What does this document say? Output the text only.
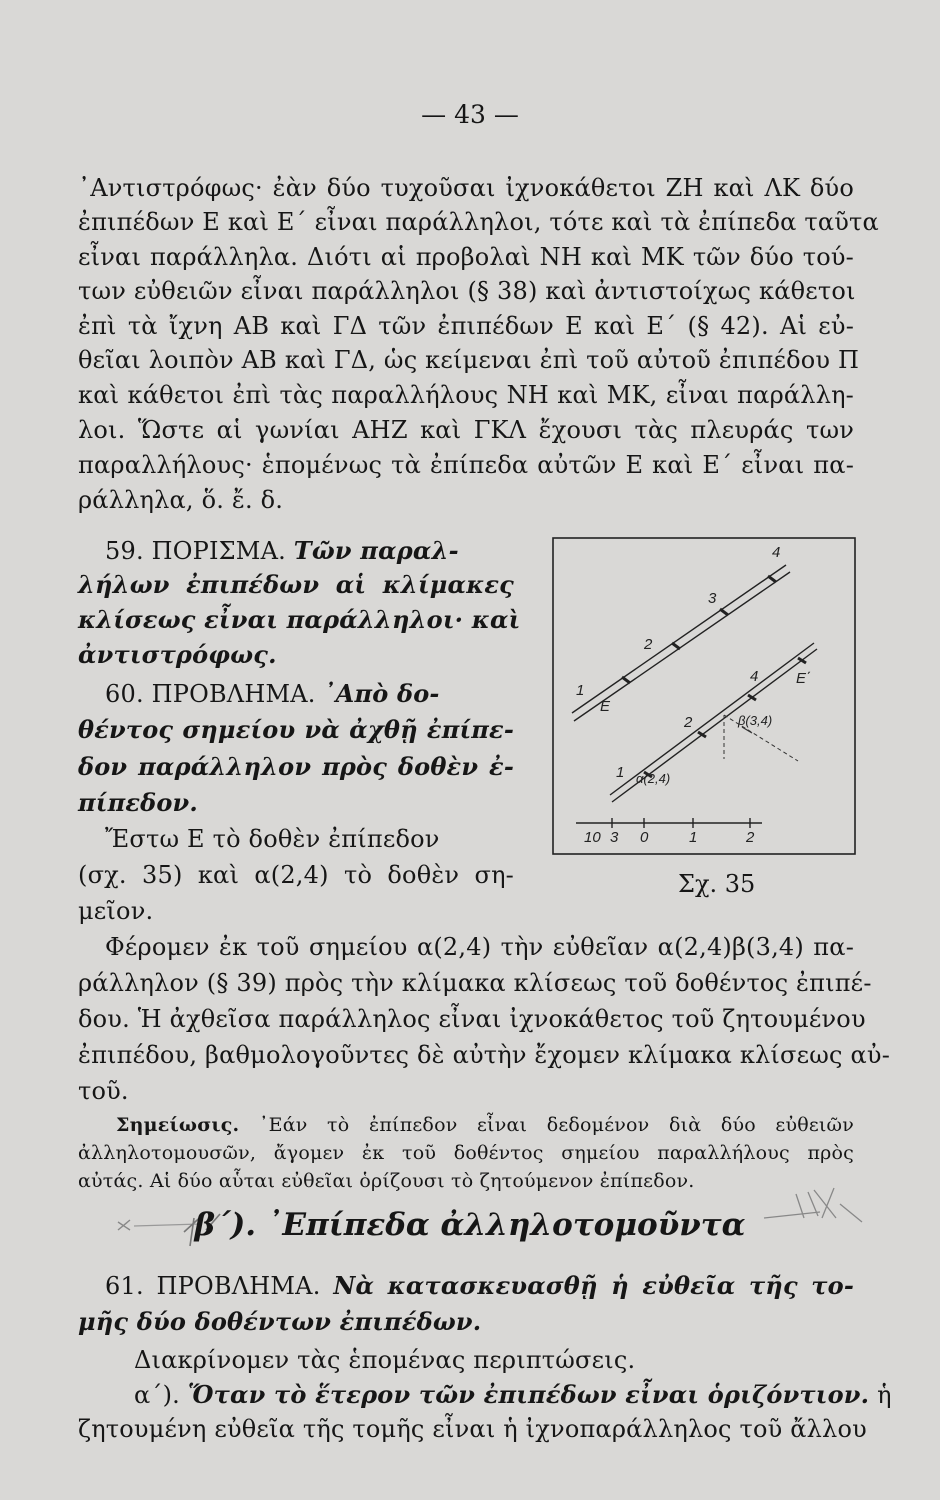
— 43 —
᾿Αντιστρόφως· ἐὰν δύο τυχοῦσαι ἰχνοκάθετοι ΖΗ καὶ ΛΚ δύο
ἐπιπέδων Ε καὶ Ε΄ εἶναι παράλληλοι, τότε καὶ τὰ ἐπίπεδα ταῦτα
εἶναι παράλληλα. Διότι αἱ προβολαὶ ΝΗ καὶ ΜΚ τῶν δύο τού-
των εὐθειῶν εἶναι παράλληλοι (§ 38) καὶ ἀντιστοίχως κάθετοι
ἐπὶ τὰ ἴχνη ΑΒ καὶ ΓΔ τῶν ἐπιπέδων Ε καὶ Ε΄ (§ 42). Αἱ εὐ-
θεῖαι λοιπὸν ΑΒ καὶ ΓΔ, ὡς κείμεναι ἐπὶ τοῦ αὐτοῦ ἐπιπέδου Π
καὶ κάθετοι ἐπὶ τὰς παραλλήλους ΝΗ καὶ ΜΚ, εἶναι παράλλη-
λοι. Ὥστε αἱ γωνίαι ΑΗΖ καὶ ΓΚΛ ἔχουσι τὰς πλευράς των
παραλλήλους· ἑπομένως τὰ ἐπίπεδα αὐτῶν Ε καὶ Ε΄ εἶναι πα-
ράλληλα, ὅ. ἔ. δ.
59. ΠΟΡΙΣΜΑ. Τῶν παραλ-
λήλων ἐπιπέδων αἱ κλίμακες
κλίσεως εἶναι παράλληλοι· καὶ
ἀντιστρόφως.
60. ΠΡΟΒΛΗΜΑ. ᾿Απὸ δο-
θέντος σημείου νὰ ἀχθῇ ἐπίπε-
δον παράλληλον πρὸς δοθὲν ἐ-
πίπεδον.
Ἔστω Ε τὸ δοθὲν ἐπίπεδον
(σχ. 35) καὶ α(2,4) τὸ δοθὲν ση-
μεῖον.
10 3 0	1	2
1
2
3
4
1
2
4
E
E΄
α(2,4)
β(3,4)
Σχ. 35
Φέρομεν ἐκ τοῦ σημείου α(2,4) τὴν εὐθεῖαν α(2,4)β(3,4) πα-
ράλληλον (§ 39) πρὸς τὴν κλίμακα κλίσεως τοῦ δοθέντος ἐπιπέ-
δου. Ἡ ἀχθεῖσα παράλληλος εἶναι ἰχνοκάθετος τοῦ ζητουμένου
ἐπιπέδου, βαθμολογοῦντες δὲ αὐτὴν ἔχομεν κλίμακα κλίσεως αὐ-
τοῦ.
Σημείωσις. ᾿Εάν τὸ ἐπίπεδον εἶναι δεδομένον διὰ δύο εὐθειῶν
ἀλληλοτομουσῶν, ἄγομεν ἐκ τοῦ δοθέντος σημείου παραλλήλους πρὸς
αὐτάς. Αἱ δύο αὗται εὐθεῖαι ὁρίζουσι τὸ ζητούμενον ἐπίπεδον.
β΄). ᾿Επίπεδα ἀλληλοτομοῦντα
61. ΠΡΟΒΛΗΜΑ. Νὰ κατασκευασθῇ ἡ εὐθεῖα τῆς το-
μῆς δύο δοθέντων ἐπιπέδων.
Διακρίνομεν τὰς ἑπομένας περιπτώσεις.
α΄). Ὅταν τὸ ἕτερον τῶν ἐπιπέδων εἶναι ὁριζόντιον. ἡ
ζητουμένη εὐθεῖα τῆς τομῆς εἶναι ἡ ἰχνοπαράλληλος τοῦ ἄλλου
